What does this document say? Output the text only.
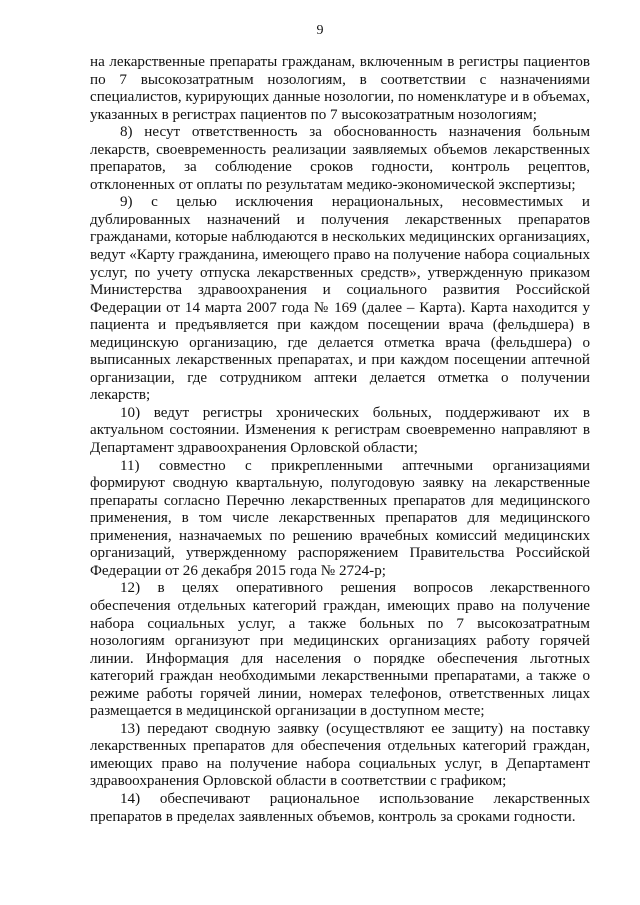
9

на лекарственные препараты гражданам, включенным в регистры пациентов по 7 высокозатратным нозологиям, в соответствии с назначениями специалистов, курирующих данные нозологии, по номенклатуре и в объемах, указанных в регистрах пациентов по 7 высокозатратным нозологиям;

8) несут ответственность за обоснованность назначения больным лекарств, своевременность реализации заявляемых объемов лекарственных препаратов, за соблюдение сроков годности, контроль рецептов, отклоненных от оплаты по результатам медико-экономической экспертизы;

9) с целью исключения нерациональных, несовместимых и дублированных назначений и получения лекарственных препаратов гражданами, которые наблюдаются в нескольких медицинских организациях, ведут «Карту гражданина, имеющего право на получение набора социальных услуг, по учету отпуска лекарственных средств», утвержденную приказом Министерства здравоохранения и социального развития Российской Федерации от 14 марта 2007 года № 169 (далее – Карта). Карта находится у пациента и предъявляется при каждом посещении врача (фельдшера) в медицинскую организацию, где делается отметка врача (фельдшера) о выписанных лекарственных препаратах, и при каждом посещении аптечной организации, где сотрудником аптеки делается отметка о получении лекарств;

10) ведут регистры хронических больных, поддерживают их в актуальном состоянии. Изменения к регистрам своевременно направляют в Департамент здравоохранения Орловской области;

11) совместно с прикрепленными аптечными организациями формируют сводную квартальную, полугодовую заявку на лекарственные препараты согласно Перечню лекарственных препаратов для медицинского применения, в том числе лекарственных препаратов для медицинского применения, назначаемых по решению врачебных комиссий медицинских организаций, утвержденному распоряжением Правительства Российской Федерации от 26 декабря 2015 года № 2724-р;

12) в целях оперативного решения вопросов лекарственного обеспечения отдельных категорий граждан, имеющих право на получение набора социальных услуг, а также больных по 7 высокозатратным нозологиям организуют при медицинских организациях работу горячей линии. Информация для населения о порядке обеспечения льготных категорий граждан необходимыми лекарственными препаратами, а также о режиме работы горячей линии, номерах телефонов, ответственных лицах размещается в медицинской организации в доступном месте;

13) передают сводную заявку (осуществляют ее защиту) на поставку лекарственных препаратов для обеспечения отдельных категорий граждан, имеющих право на получение набора социальных услуг, в Департамент здравоохранения Орловской области в соответствии с графиком;

14) обеспечивают рациональное использование лекарственных препаратов в пределах заявленных объемов, контроль за сроками годности.
